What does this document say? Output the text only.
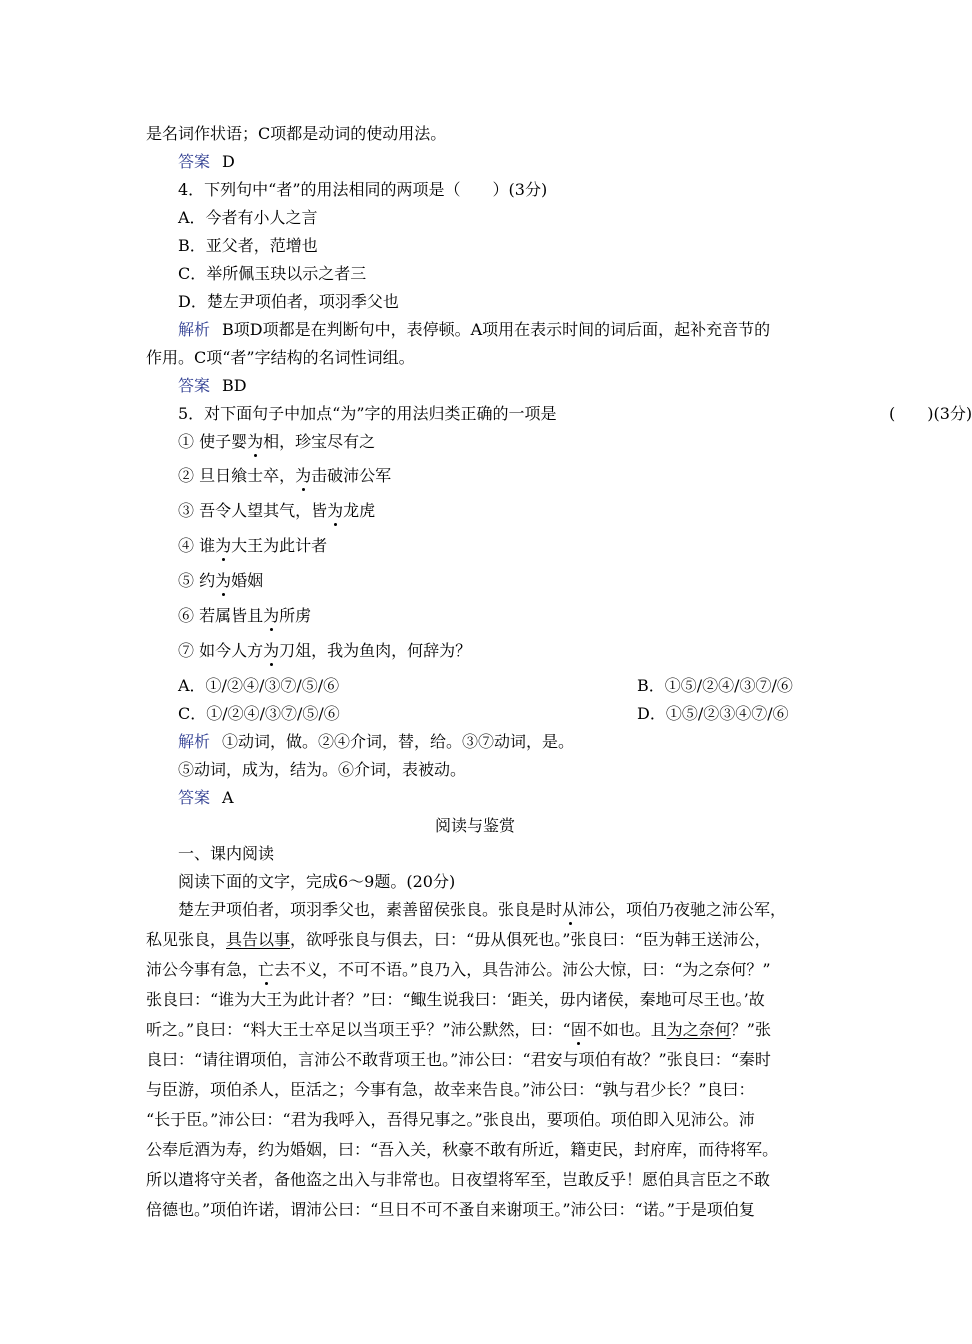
是名词作状语；C项都是动词的使动用法。
答案 D
4．下列句中“者”的用法相同的两项是（　　）(3分)
A．今者有小人之言
B．亚父者，范增也
C．举所佩玉玦以示之者三
D．楚左尹项伯者，项羽季父也
解析 B项D项都是在判断句中，表停顿。A项用在表示时间的词后面，起补充音节的
作用。C项“者”字结构的名词性词组。
答案 BD
5．对下面句子中加点“为”字的用法归类正确的一项是	(　　)(3分)
① 使子婴为相，珍宝尽有之
② 旦日飨士卒，为击破沛公军
③ 吾令人望其气，皆为龙虎
④ 谁为大王为此计者
⑤ 约为婚姻
⑥ 若属皆且为所虏
⑦ 如今人方为刀俎，我为鱼肉，何辞为？
A．①/②④/③⑦/⑤/⑥	B．①⑤/②④/③⑦/⑥
C．①/②④/③⑦/⑤/⑥	D．①⑤/②③④⑦/⑥
解析 ①动词，做。②④介词，替，给。③⑦动词，是。
⑤动词，成为，结为。⑥介词，表被动。
答案 A
阅读与鉴赏
一、课内阅读
阅读下面的文字，完成6～9题。(20分)
楚左尹项伯者，项羽季父也，素善留侯张良。张良是时从沛公，项伯乃夜驰之沛公军，
私见张良，具告以事，欲呼张良与俱去，曰：“毋从俱死也。”张良曰：“臣为韩王送沛公，
沛公今事有急，亡去不义，不可不语。”良乃入，具告沛公。沛公大惊，曰：“为之奈何？”
张良曰：“谁为大王为此计者？”曰：“鲰生说我曰：‘距关，毋内诸侯，秦地可尽王也。’故
听之。”良曰：“料大王士卒足以当项王乎？”沛公默然，曰：“固不如也。且为之奈何？”张
良曰：“请往谓项伯，言沛公不敢背项王也。”沛公曰：“君安与项伯有故？”张良曰：“秦时
与臣游，项伯杀人，臣活之；今事有急，故幸来告良。”沛公曰：“孰与君少长？”良曰：
“长于臣。”沛公曰：“君为我呼入，吾得兄事之。”张良出，要项伯。项伯即入见沛公。沛
公奉卮酒为寿，约为婚姻，曰：“吾入关，秋豪不敢有所近，籍吏民，封府库，而待将军。
所以遣将守关者，备他盗之出入与非常也。日夜望将军至，岂敢反乎！愿伯具言臣之不敢
倍德也。”项伯许诺，谓沛公曰：“旦日不可不蚤自来谢项王。”沛公曰：“诺。”于是项伯复
